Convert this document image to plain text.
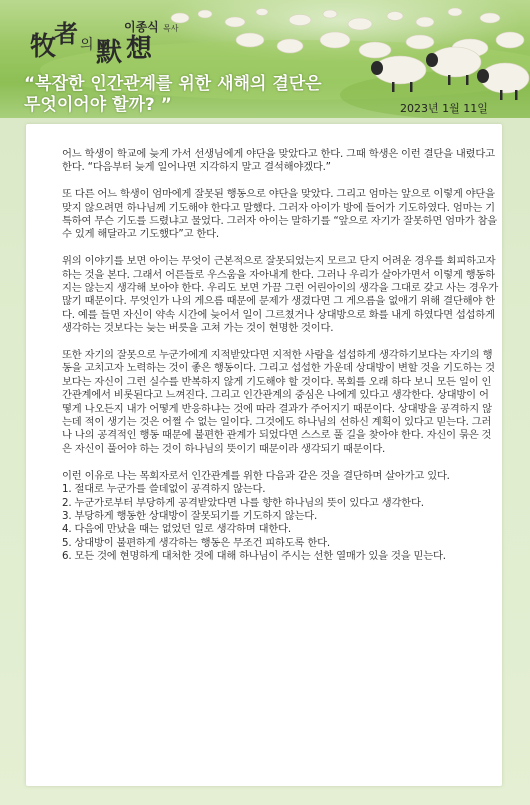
牧
者 의 默 想
이종식 목사
“복잡한 인간관계를 위한 새해의 결단은
무엇이어야 할까? ”	2023년 1월 11일

어느 학생이 학교에 늦게 가서 선생님에게 야단을 맞았다고 한다. 그때 학생은 이런 결단을 내렸다고 한다. “다음부터 늦게 일어나면 지각하지 말고 결석해야겠다.”

또 다른 어느 학생이 엄마에게 잘못된 행동으로 야단을 맞았다. 그리고 엄마는 앞으로 이렇게 야단을 맞지 않으려면 하나님께 기도해야 한다고 말했다. 그러자 아이가 방에 들어가 기도하였다. 엄마는 기특하여 무슨 기도를 드렸냐고 물었다. 그러자 아이는 말하기를 “앞으로 자기가 잘못하면 엄마가 참을 수 있게 해달라고 기도했다”고 한다.

위의 이야기를 보면 아이는 무엇이 근본적으로 잘못되었는지 모르고 단지 어려운 경우를 회피하고자 하는 것을 본다. 그래서 어른들로 우스움을 자아내게 한다. 그러나 우리가 살아가면서 이렇게 행동하지는 않는지 생각해 보아야 한다. 우리도 보면 가끔 그런 어린아이의 생각을 그대로 갖고 사는 경우가 많기 때문이다. 무엇인가 나의 게으름 때문에 문제가 생겼다면 그 게으름을 없애기 위해 결단해야 한다. 예를 들면 자신이 약속 시간에 늦어서 일이 그르쳤거나 상대방으로 화를 내게 하였다면 섭섭하게 생각하는 것보다는 늦는 버릇을 고쳐 가는 것이 현명한 것이다.

또한 자기의 잘못으로 누군가에게 지적받았다면 지적한 사람을 섭섭하게 생각하기보다는 자기의 행동을 고치고자 노력하는 것이 좋은 행동이다. 그리고 섭섭한 가운데 상대방이 변할 것을 기도하는 것보다는 자신이 그런 실수를 반복하지 않게 기도해야 할 것이다. 목회를 오래 하다 보니 모든 일이 인간관계에서 비롯된다고 느껴진다. 그리고 인간관계의 중심은 나에게 있다고 생각한다. 상대방이 어떻게 나오든지 내가 어떻게 반응하냐는 것에 따라 결과가 주어지기 때문이다. 상대방을 공격하지 않는데 적이 생기는 것은 어쩔 수 없는 일이다. 그것에도 하나님의 선하신 계획이 있다고 믿는다. 그러나 나의 공격적인 행동 때문에 불편한 관계가 되었다면 스스로 풀 길을 찾아야 한다. 자신이 묶은 것은 자신이 풀어야 하는 것이 하나님의 뜻이기 때문이라 생각되기 때문이다.

이런 이유로 나는 목회자로서 인간관계를 위한 다음과 같은 것을 결단하며 살아가고 있다.

1. 절대로 누군가를 쓸데없이 공격하지 않는다.
2. 누군가로부터 부당하게 공격받았다면 나를 향한 하나님의 뜻이 있다고 생각한다.
3. 부당하게 행동한 상대방이 잘못되기를 기도하지 않는다.
4. 다음에 만났을 때는 없었던 일로 생각하며 대한다.
5. 상대방이 불편하게 생각하는 행동은 무조건 피하도록 한다.
6. 모든 것에 현명하게 대처한 것에 대해 하나님이 주시는 선한 열매가 있을 것을 믿는다.
